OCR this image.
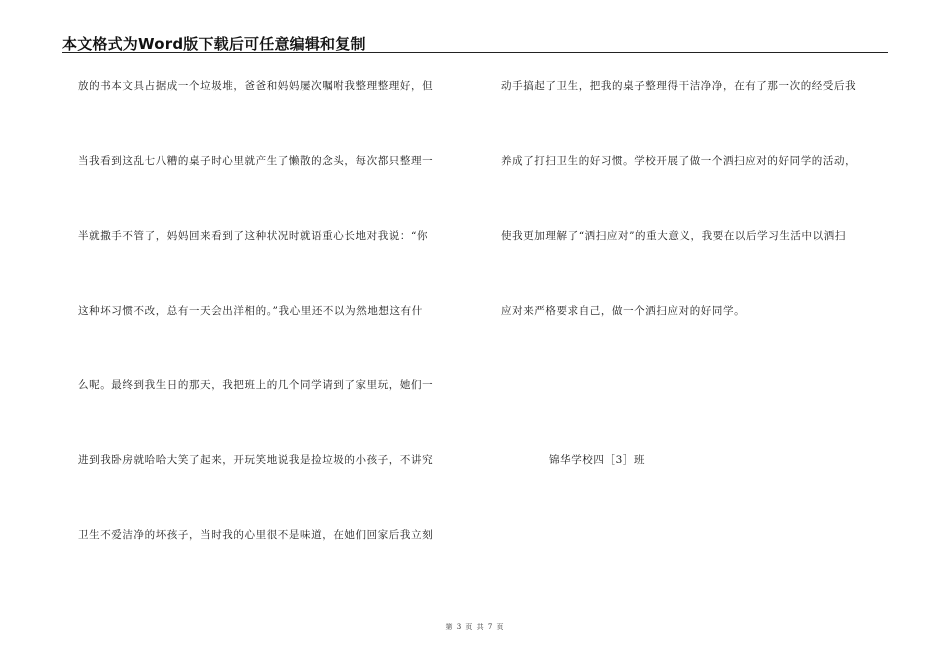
本文格式为Word版下载后可任意编辑和复制
放的书本文具占据成一个垃圾堆，爸爸和妈妈屡次嘱咐我整理整理好，但
当我看到这乱七八糟的桌子时心里就产生了懒散的念头，每次都只整理一
半就撒手不管了，妈妈回来看到了这种状况时就语重心长地对我说：“你
这种坏习惯不改，总有一天会出洋相的。”我心里还不以为然地想这有什
么呢。最终到我生日的那天，我把班上的几个同学请到了家里玩，她们一
进到我卧房就哈哈大笑了起来，开玩笑地说我是捡垃圾的小孩子，不讲究
卫生不爱洁净的坏孩子，当时我的心里很不是味道，在她们回家后我立刻
动手搞起了卫生，把我的桌子整理得干洁净净，在有了那一次的经受后我
养成了打扫卫生的好习惯。学校开展了做一个洒扫应对的好同学的活动，
使我更加理解了“洒扫应对”的重大意义，我要在以后学习生活中以洒扫
应对来严格要求自己，做一个洒扫应对的好同学。
锦华学校四［3］班
第 3 页 共 7 页
